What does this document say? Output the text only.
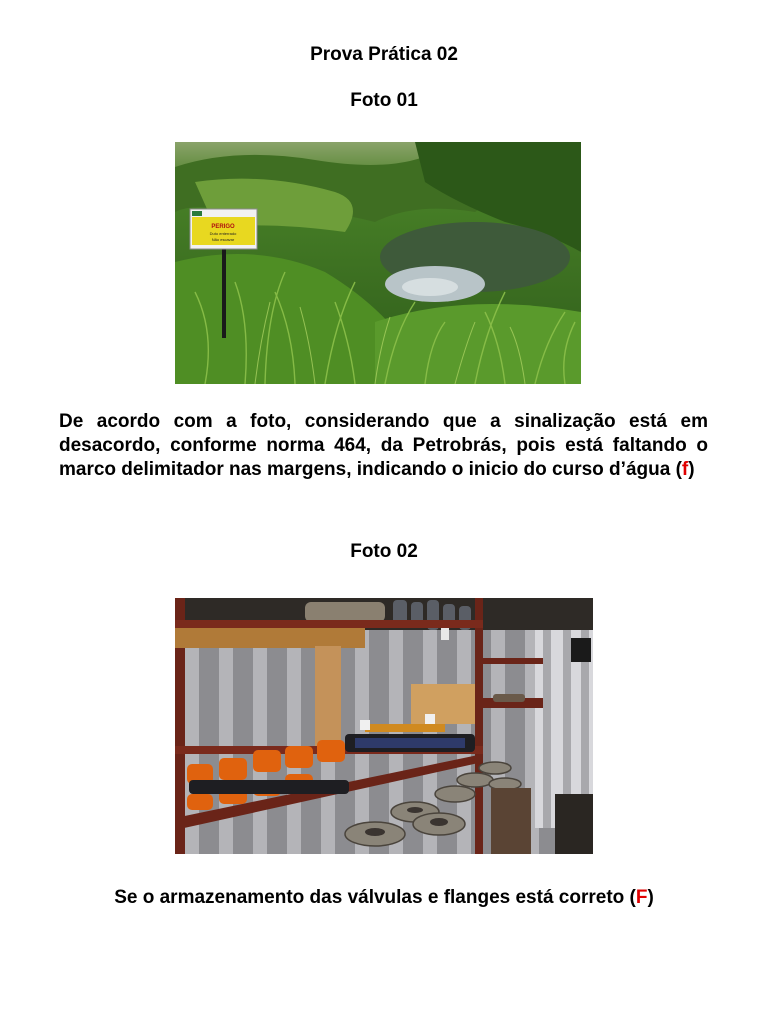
Prova Prática 02
Foto 01
PERIGO
Duto enterrado
Não escavar
De acordo com a foto, considerando que a sinalização está em desacordo, conforme norma 464, da Petrobrás, pois está faltando o marco delimitador nas margens, indicando o inicio do curso d’água (f)
Foto 02
Se o armazenamento das válvulas e flanges está correto (F)
